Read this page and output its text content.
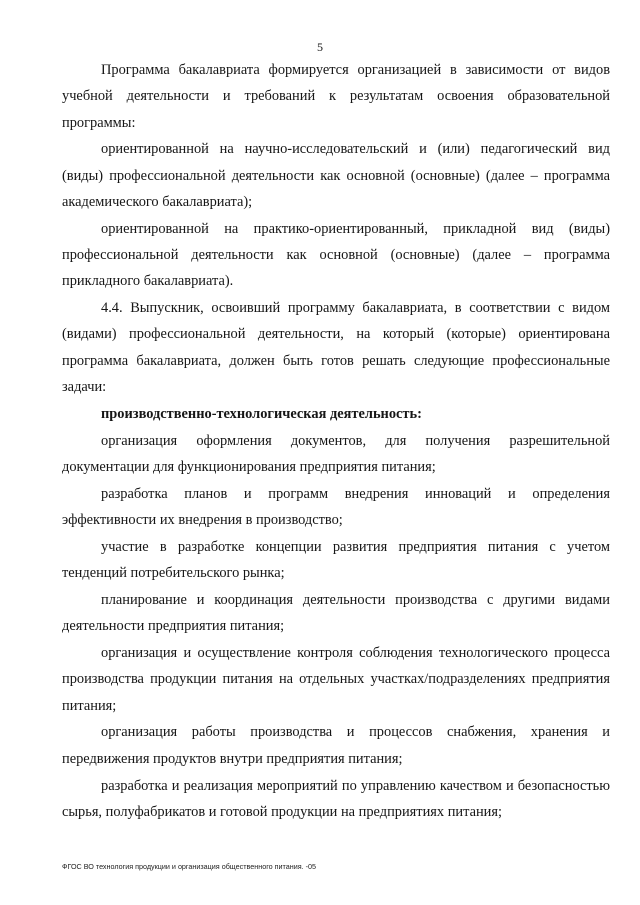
5

Программа бакалавриата формируется организацией в зависимости от видов учебной деятельности и требований к результатам освоения образовательной программы:

ориентированной на научно-исследовательский и (или) педагогический вид (виды) профессиональной деятельности как основной (основные) (далее – программа академического бакалавриата);

ориентированной на практико-ориентированный, прикладной вид (виды) профессиональной деятельности как основной (основные) (далее – программа прикладного бакалавриата).

4.4. Выпускник, освоивший программу бакалавриата, в соответствии с видом (видами) профессиональной деятельности, на который (которые) ориентирована программа бакалавриата, должен быть готов решать следующие профессиональные задачи:

производственно-технологическая деятельность:

организация оформления документов, для получения разрешительной документации для функционирования предприятия питания;

разработка планов и программ внедрения инноваций и определения эффективности их внедрения в производство;

участие в разработке концепции развития предприятия питания с учетом тенденций потребительского рынка;

планирование и координация деятельности производства с другими видами деятельности предприятия питания;

организация и осуществление контроля соблюдения технологического процесса производства продукции питания на отдельных участках/подразделениях предприятия питания;

организация работы производства и процессов снабжения, хранения и передвижения продуктов внутри предприятия питания;

разработка и реализация мероприятий по управлению качеством и безопасностью сырья, полуфабрикатов и готовой продукции на предприятиях питания;

ФГОС ВО технология продукции и организация общественного питания. -05
